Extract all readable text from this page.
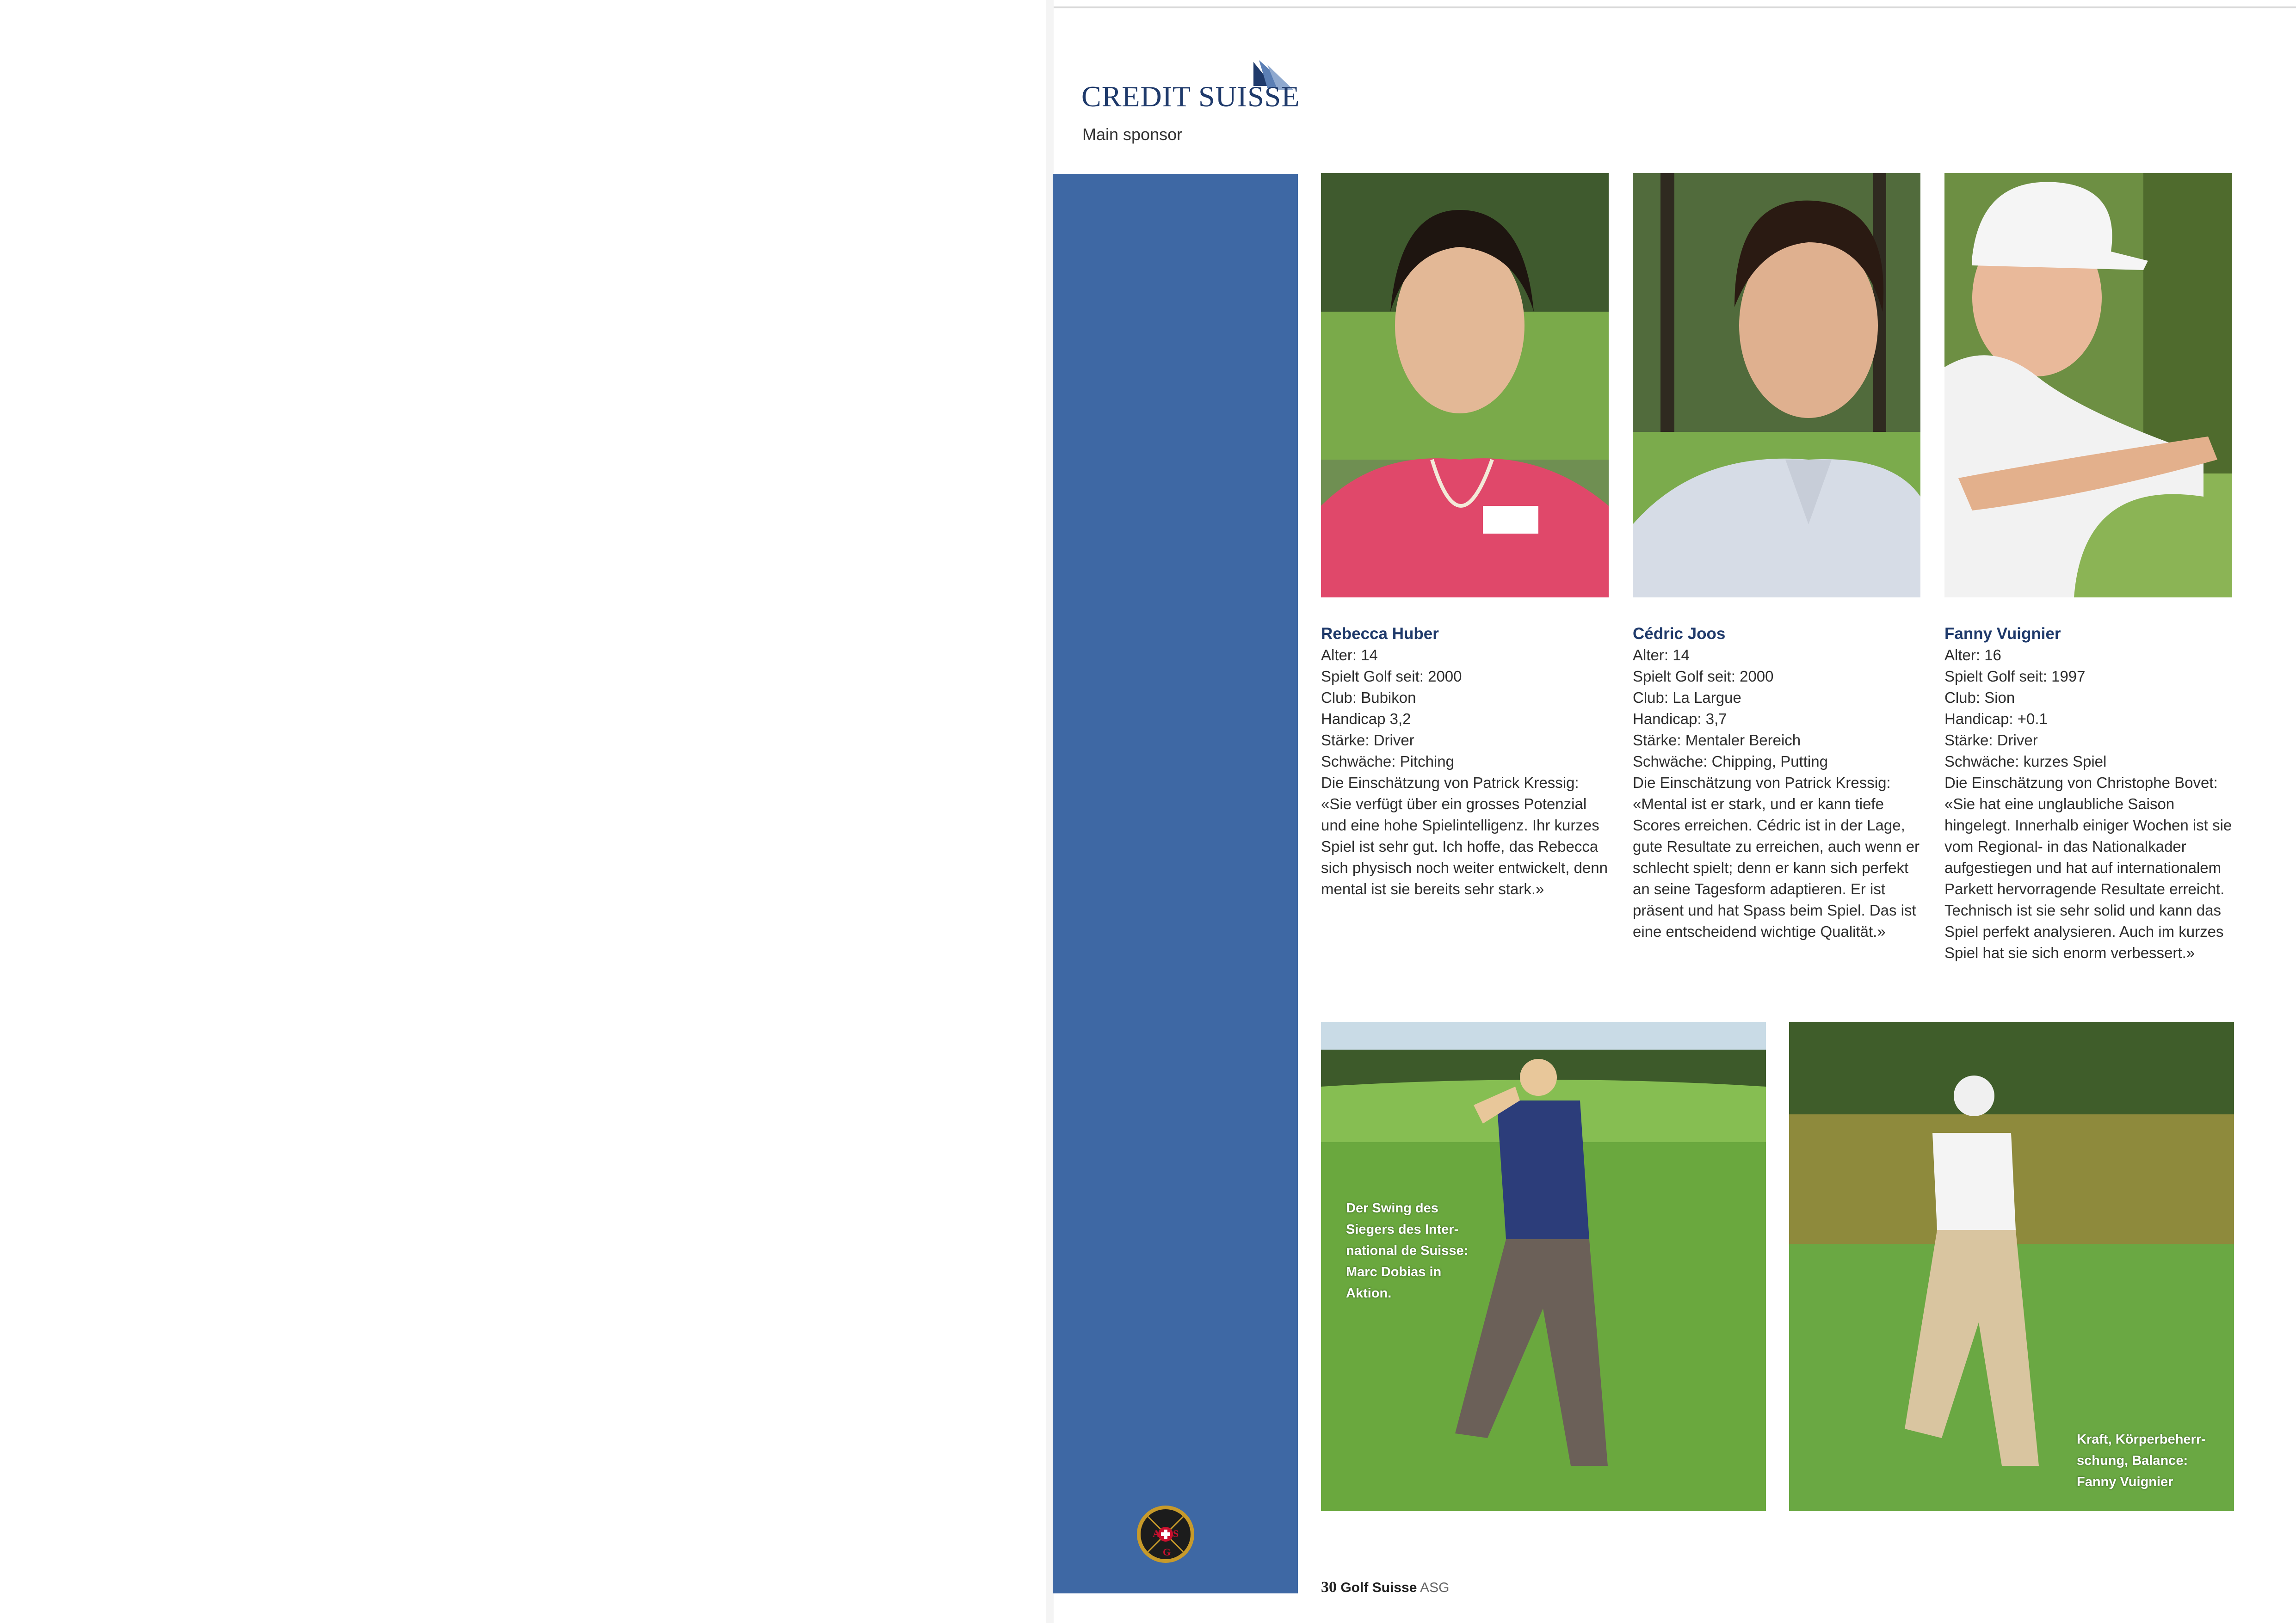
CREDIT SUISSE
Main sponsor
A S
G

Rebecca Huber

Alter: 14

Spielt Golf seit: 2000

Club: Bubikon

Handicap 3,2

Stärke: Driver

Schwäche: Pitching

Die Einschätzung von Patrick Kressig:

«Sie verfügt über ein grosses Potenzial und eine hohe Spielintelligenz. Ihr kurzes Spiel ist sehr gut. Ich hoffe, das Rebecca sich physisch noch weiter entwickelt, denn mental ist sie bereits sehr stark.»

Cédric Joos

Alter: 14

Spielt Golf seit: 2000

Club: La Largue

Handicap: 3,7

Stärke: Mentaler Bereich

Schwäche: Chipping, Putting

Die Einschätzung von Patrick Kressig:

«Mental ist er stark, und er kann tiefe Scores erreichen. Cédric ist in der Lage, gute Resultate zu erreichen, auch wenn er schlecht spielt; denn er kann sich perfekt an seine Tagesform adaptieren. Er ist präsent und hat Spass beim Spiel. Das ist eine entscheidend wichtige Qualität.»

Fanny Vuignier

Alter: 16

Spielt Golf seit: 1997

Club: Sion

Handicap: +0.1

Stärke: Driver

Schwäche: kurzes Spiel

Die Einschätzung von Christophe Bovet:

«Sie hat eine unglaubliche Saison hingelegt. Innerhalb einiger Wochen ist sie vom Regional- in das Nationalkader aufgestiegen und hat auf internationalem Parkett hervorragende Resultate erreicht. Technisch ist sie sehr solid und kann das Spiel perfekt analysieren. Auch im kurzes Spiel hat sie sich enorm verbessert.»

Der Swing des
Siegers des Inter-
national de Suisse:
Marc Dobias in
Aktion.
Kraft, Körperbeherr-
schung, Balance:
Fanny Vuignier
30 Golf Suisse ASG
